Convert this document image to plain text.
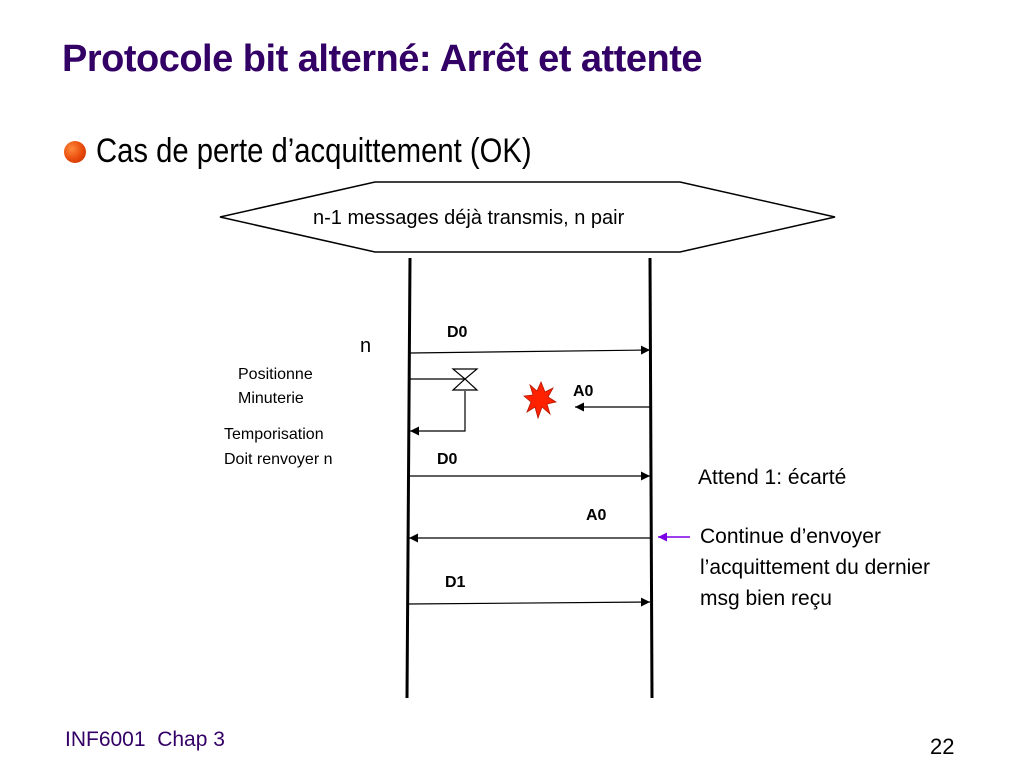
Protocole bit alterné: Arrêt et attente
Cas de perte d’acquittement (OK)
n-1 messages déjà transmis, n pair
n
Positionne
Minuterie
Temporisation
Doit renvoyer n
D0
A0
D0
A0
D1
Attend 1: écarté
Continue d’envoyer
l’acquittement du dernier
msg bien reçu
INF6001  Chap 3	22
